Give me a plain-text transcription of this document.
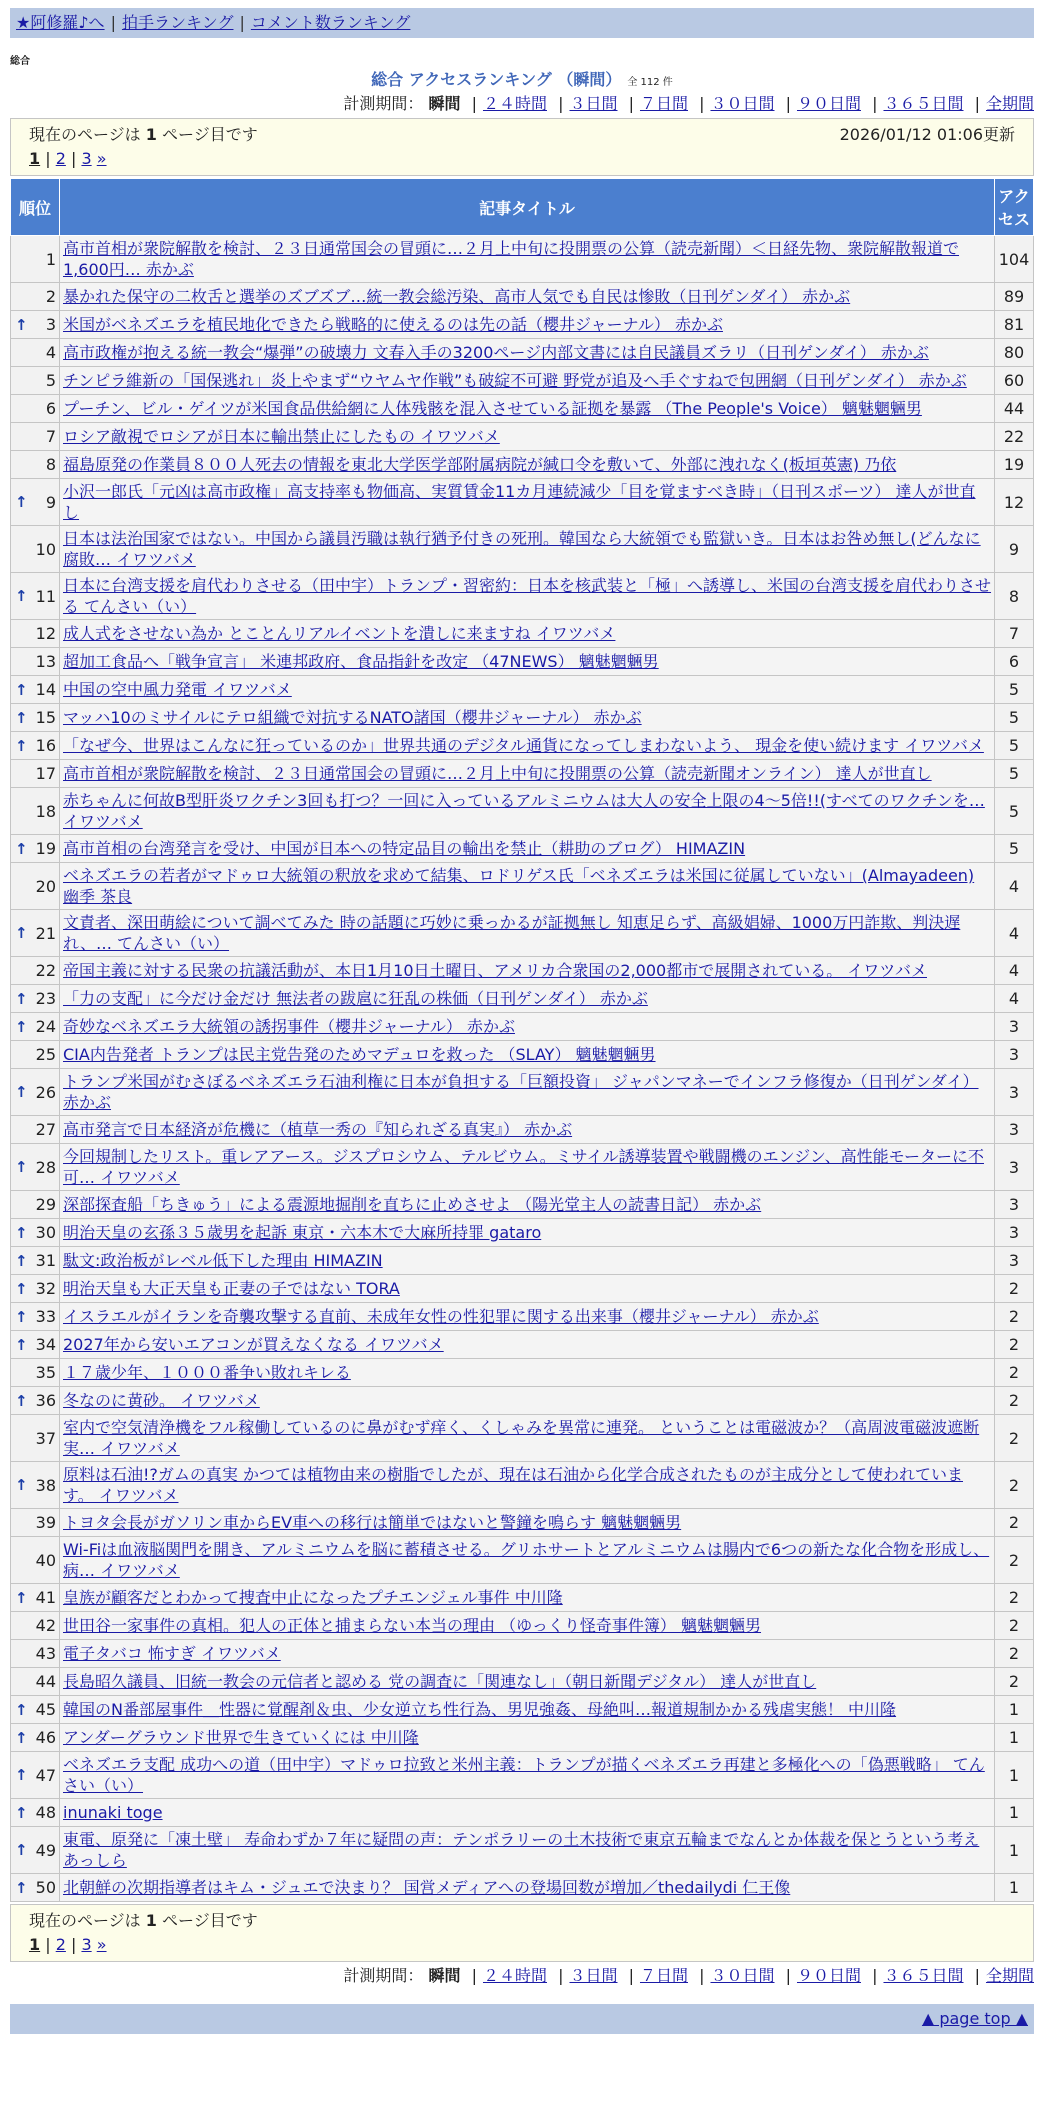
★阿修羅♪へ | 拍手ランキング | コメント数ランキング
総合
総合 アクセスランキング （瞬間） 全 112 件
計測期間： 瞬間 | ２４時間 | ３日間 | ７日間 | ３０日間 | ９０日間 | ３６５日間 | 全期間
現在のページは 1 ページ目です	2026/01/12 01:06更新
1 | 2 | 3 »
順位	記事タイトル	アクセス
1	高市首相が衆院解散を検討、２３日通常国会の冒頭に…２月上中旬に投開票の公算（読売新聞）＜日経先物、衆院解散報道で1,600円… 赤かぶ	104
2	暴かれた保守の二枚舌と選挙のズブズブ…統一教会総汚染、高市人気でも自民は惨敗（日刊ゲンダイ） 赤かぶ	89

↑ 3	米国がベネズエラを植民地化できたら戦略的に使えるのは先の話（櫻井ジャーナル） 赤かぶ	81
4	高市政権が抱える統一教会“爆弾”の破壊力 文春入手の3200ページ内部文書には自民議員ズラリ（日刊ゲンダイ） 赤かぶ	80
5	チンピラ維新の「国保逃れ」炎上やまず“ウヤムヤ作戦”も破綻不可避 野党が追及へ手ぐすねで包囲網（日刊ゲンダイ） 赤かぶ	60
6	プーチン、ビル・ゲイツが米国食品供給網に人体残骸を混入させている証拠を暴露 （The People's Voice） 魑魅魍魎男	44
7	ロシア敵視でロシアが日本に輸出禁止にしたもの イワツバメ	22
8	福島原発の作業員８００人死去の情報を東北大学医学部附属病院が緘口令を敷いて、外部に洩れなく(板垣英憲) 乃依	19

↑ 9	小沢一郎氏「元凶は高市政権」高支持率も物価高、実質賃金11カ月連続減少「目を覚ますべき時」（日刊スポーツ） 達人が世直し	12
10	日本は法治国家ではない。中国から議員汚職は執行猶予付きの死刑。韓国なら大統領でも監獄いき。日本はお咎め無し(どんなに腐敗… イワツバメ	9

↑ 11	日本に台湾支援を肩代わりさせる（田中宇）トランプ・習密約：日本を核武装と「極」へ誘導し、米国の台湾支援を肩代わりさせる てんさい（い）	8
12	成人式をさせない為か とことんリアルイベントを潰しに来ますね イワツバメ	7
13	超加工食品へ「戦争宣言」 米連邦政府、食品指針を改定 （47NEWS） 魑魅魍魎男	6

↑ 14	中国の空中風力発電 イワツバメ	5

↑ 15	マッハ10のミサイルにテロ組織で対抗するNATO諸国（櫻井ジャーナル） 赤かぶ	5

↑ 16	「なぜ今、世界はこんなに狂っているのか」世界共通のデジタル通貨になってしまわないよう、 現金を使い続けます イワツバメ	5
17	高市首相が衆院解散を検討、２３日通常国会の冒頭に…２月上中旬に投開票の公算（読売新聞オンライン） 達人が世直し	5
18	赤ちゃんに何故B型肝炎ワクチン3回も打つ？一回に入っているアルミニウムは大人の安全上限の4～5倍!!(すべてのワクチンを… イワツバメ	5

↑ 19	高市首相の台湾発言を受け、中国が日本への特定品目の輸出を禁止（耕助のブログ） HIMAZIN	5
20	ベネズエラの若者がマドゥロ大統領の釈放を求めて結集、ロドリゲス氏「ベネズエラは米国に従属していない」(Almayadeen) 幽季 茶良	4

↑ 21	文責者、深田萌絵について調べてみた 時の話題に巧妙に乗っかるが証拠無し 知恵足らず、高級娼婦、1000万円詐欺、判決遅れ、… てんさい（い）	4
22	帝国主義に対する民衆の抗議活動が、本日1月10日土曜日、アメリカ合衆国の2,000都市で展開されている。 イワツバメ	4

↑ 23	「力の支配」に今だけ金だけ 無法者の跋扈に狂乱の株価（日刊ゲンダイ） 赤かぶ	4

↑ 24	奇妙なベネズエラ大統領の誘拐事件（櫻井ジャーナル） 赤かぶ	3
25	CIA内告発者 トランプは民主党告発のためマデュロを救った （SLAY） 魑魅魍魎男	3

↑ 26	トランプ米国がむさぼるベネズエラ石油利権に日本が負担する「巨額投資」 ジャパンマネーでインフラ修復か（日刊ゲンダイ） 赤かぶ	3
27	高市発言で日本経済が危機に（植草一秀の『知られざる真実』） 赤かぶ	3

↑ 28	今回規制したリスト。重レアアース。ジスプロシウム、テルビウム。ミサイル誘導装置や戦闘機のエンジン、高性能モーターに不可… イワツバメ	3
29	深部探査船「ちきゅう」による震源地掘削を直ちに止めさせよ （陽光堂主人の読書日記） 赤かぶ	3

↑ 30	明治天皇の玄孫３５歳男を起訴 東京・六本木で大麻所持罪 gataro	3

↑ 31	駄文:政治板がレベル低下した理由 HIMAZIN	3

↑ 32	明治天皇も大正天皇も正妻の子ではない TORA	2

↑ 33	イスラエルがイランを奇襲攻撃する直前、未成年女性の性犯罪に関する出来事（櫻井ジャーナル） 赤かぶ	2

↑ 34	2027年から安いエアコンが買えなくなる イワツバメ	2
35	１７歳少年、１０００番争い敗れキレる	2

↑ 36	冬なのに黄砂。 イワツバメ	2
37	室内で空気清浄機をフル稼働しているのに鼻がむず痒く、くしゃみを異常に連発。 ということは電磁波か？（高周波電磁波遮断実… イワツバメ	2

↑ 38	原料は石油!?ガムの真実 かつては植物由来の樹脂でしたが、現在は石油から化学合成されたものが主成分として使われています。 イワツバメ	2
39	トヨタ会長がガソリン車からEV車への移行は簡単ではないと警鐘を鳴らす 魑魅魍魎男	2
40	Wi-Fiは血液脳関門を開き、アルミニウムを脳に蓄積させる。グリホサートとアルミニウムは腸内で6つの新たな化合物を形成し、病… イワツバメ	2

↑ 41	皇族が顧客だとわかって捜査中止になったプチエンジェル事件 中川隆	2
42	世田谷一家事件の真相。犯人の正体と捕まらない本当の理由 （ゆっくり怪奇事件簿） 魑魅魍魎男	2
43	電子タバコ 怖すぎ イワツバメ	2
44	長島昭久議員、旧統一教会の元信者と認める 党の調査に「関連なし」（朝日新聞デジタル） 達人が世直し	2

↑ 45	韓国のN番部屋事件＿性器に覚醒剤＆虫、少女逆立ち性行為、男児強姦、母絶叫…報道規制かかる残虐実態！ 中川隆	1

↑ 46	アンダーグラウンド世界で生きていくには 中川隆	1

↑ 47	ベネズエラ支配 成功への道（田中宇）マドゥロ拉致と米州主義：トランプが描くベネズエラ再建と多極化への「偽悪戦略」 てんさい（い）	1

↑ 48	inunaki toge	1

↑ 49	東電、原発に「凍土壁」 寿命わずか７年に疑問の声：テンポラリーの土木技術で東京五輪までなんとか体裁を保とうという考えあっしら	1

↑ 50	北朝鮮の次期指導者はキム・ジュエで決まり？ 国営メディアへの登場回数が増加／thedailydi 仁王像	1
現在のページは 1 ページ目です
1 | 2 | 3 »
計測期間： 瞬間 | ２４時間 | ３日間 | ７日間 | ３０日間 | ９０日間 | ３６５日間 | 全期間
▲ page top ▲
